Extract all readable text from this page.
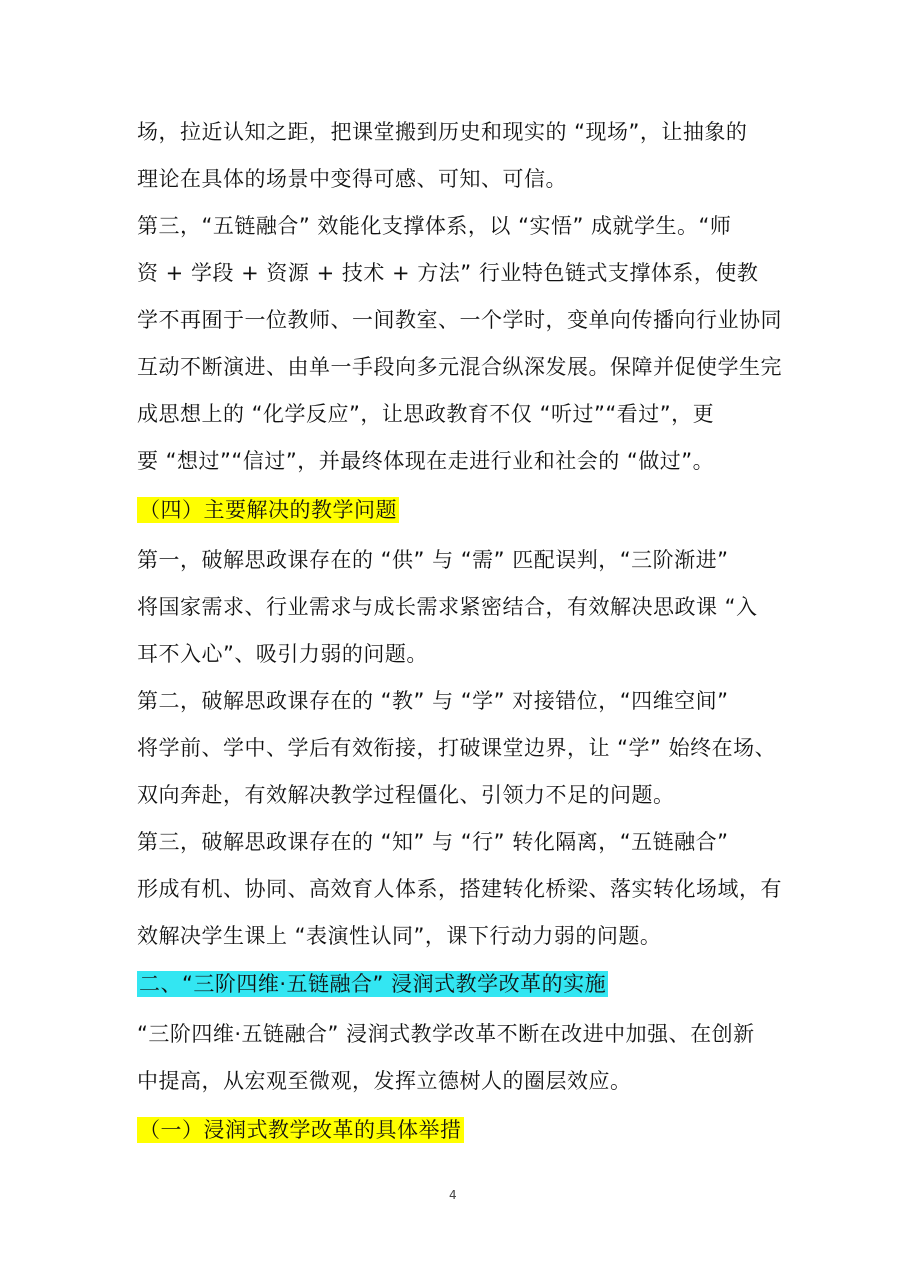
场，拉近认知之距，把课堂搬到历史和现实的 “现场”，让抽象的
理论在具体的场景中变得可感、可知、可信。
第三，“五链融合” 效能化支撑体系，以 “实悟” 成就学生。“师
资 + 学段 + 资源 + 技术 + 方法” 行业特色链式支撑体系，使教
学不再囿于一位教师、一间教室、一个学时，变单向传播向行业协同
互动不断演进、由单一手段向多元混合纵深发展。保障并促使学生完
成思想上的 “化学反应”，让思政教育不仅 “听过”“看过”，更
要 “想过”“信过”，并最终体现在走进行业和社会的 “做过”。
（四）主要解决的教学问题
第一，破解思政课存在的 “供” 与 “需” 匹配误判，“三阶渐进”
将国家需求、行业需求与成长需求紧密结合，有效解决思政课 “入
耳不入心”、吸引力弱的问题。
第二，破解思政课存在的 “教” 与 “学” 对接错位，“四维空间”
将学前、学中、学后有效衔接，打破课堂边界，让 “学” 始终在场、
双向奔赴，有效解决教学过程僵化、引领力不足的问题。
第三，破解思政课存在的 “知” 与 “行” 转化隔离，“五链融合”
形成有机、协同、高效育人体系，搭建转化桥梁、落实转化场域，有
效解决学生课上 “表演性认同”，课下行动力弱的问题。
二、“三阶四维·五链融合” 浸润式教学改革的实施
“三阶四维·五链融合” 浸润式教学改革不断在改进中加强、在创新
中提高，从宏观至微观，发挥立德树人的圈层效应。
（一）浸润式教学改革的具体举措
4
